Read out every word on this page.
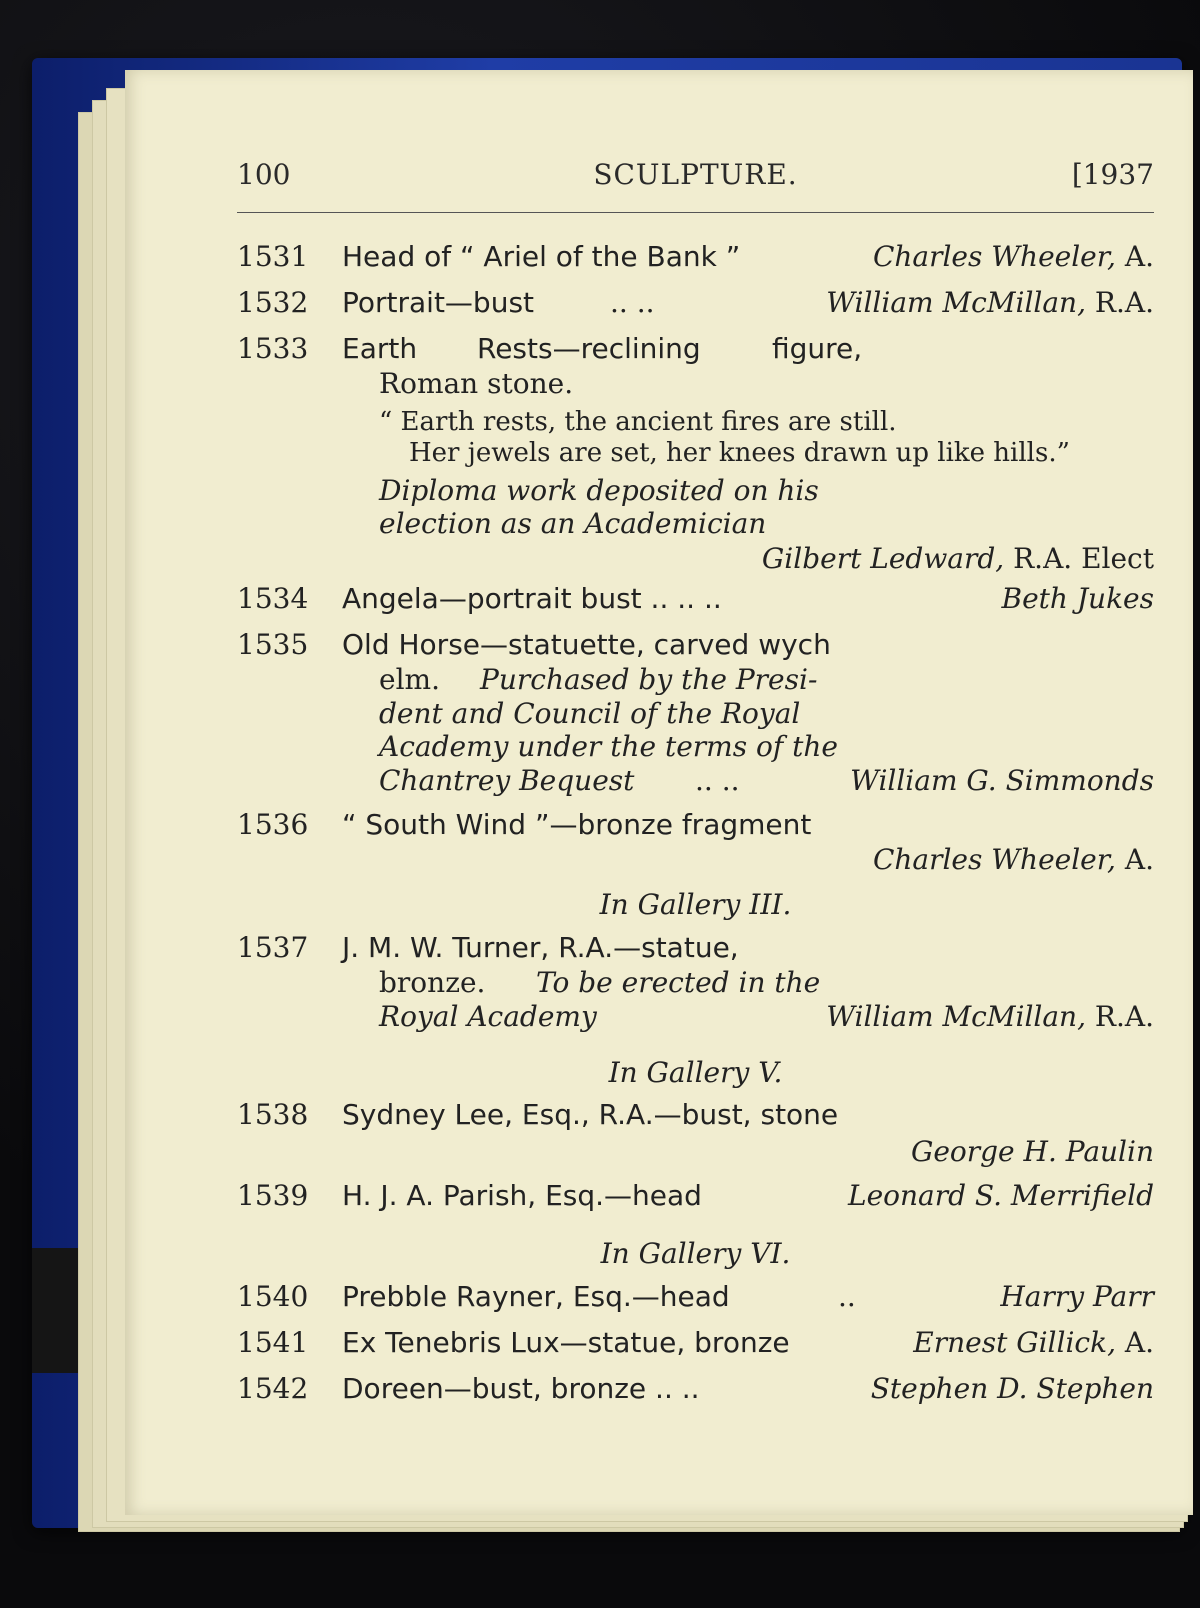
100	SCULPTURE.	[1937
1531 Head of “ Ariel of the Bank ”	Charles Wheeler, A.
1532 Portrait—bust	.. ..	William McMillan, R.A.
1533 Earth Rests—reclining	figure,
Roman stone.
“ Earth rests, the ancient fires are still.
Her jewels are set, her knees drawn up like hills.”
Diploma work deposited on his
election as an Academician
Gilbert Ledward, R.A. Elect
1534 Angela—portrait bust .. .. ..	Beth Jukes
1535 Old Horse—statuette, carved wych
elm. Purchased by the Presi-
dent and Council of the Royal
Academy under the terms of the
Chantrey Bequest .. ..	William G. Simmonds
1536 “ South Wind ”—bronze fragment
Charles Wheeler, A.
In Gallery III.
1537 J. M. W. Turner, R.A.—statue,
bronze. To be erected in the
Royal Academy	William McMillan, R.A.
In Gallery V.
1538 Sydney Lee, Esq., R.A.—bust, stone
George H. Paulin
1539 H. J. A. Parish, Esq.—head	Leonard S. Merrifield
In Gallery VI.
1540 Prebble Rayner, Esq.—head	..	Harry Parr
1541 Ex Tenebris Lux—statue, bronze	Ernest Gillick, A.
1542 Doreen—bust, bronze .. ..	Stephen D. Stephen
